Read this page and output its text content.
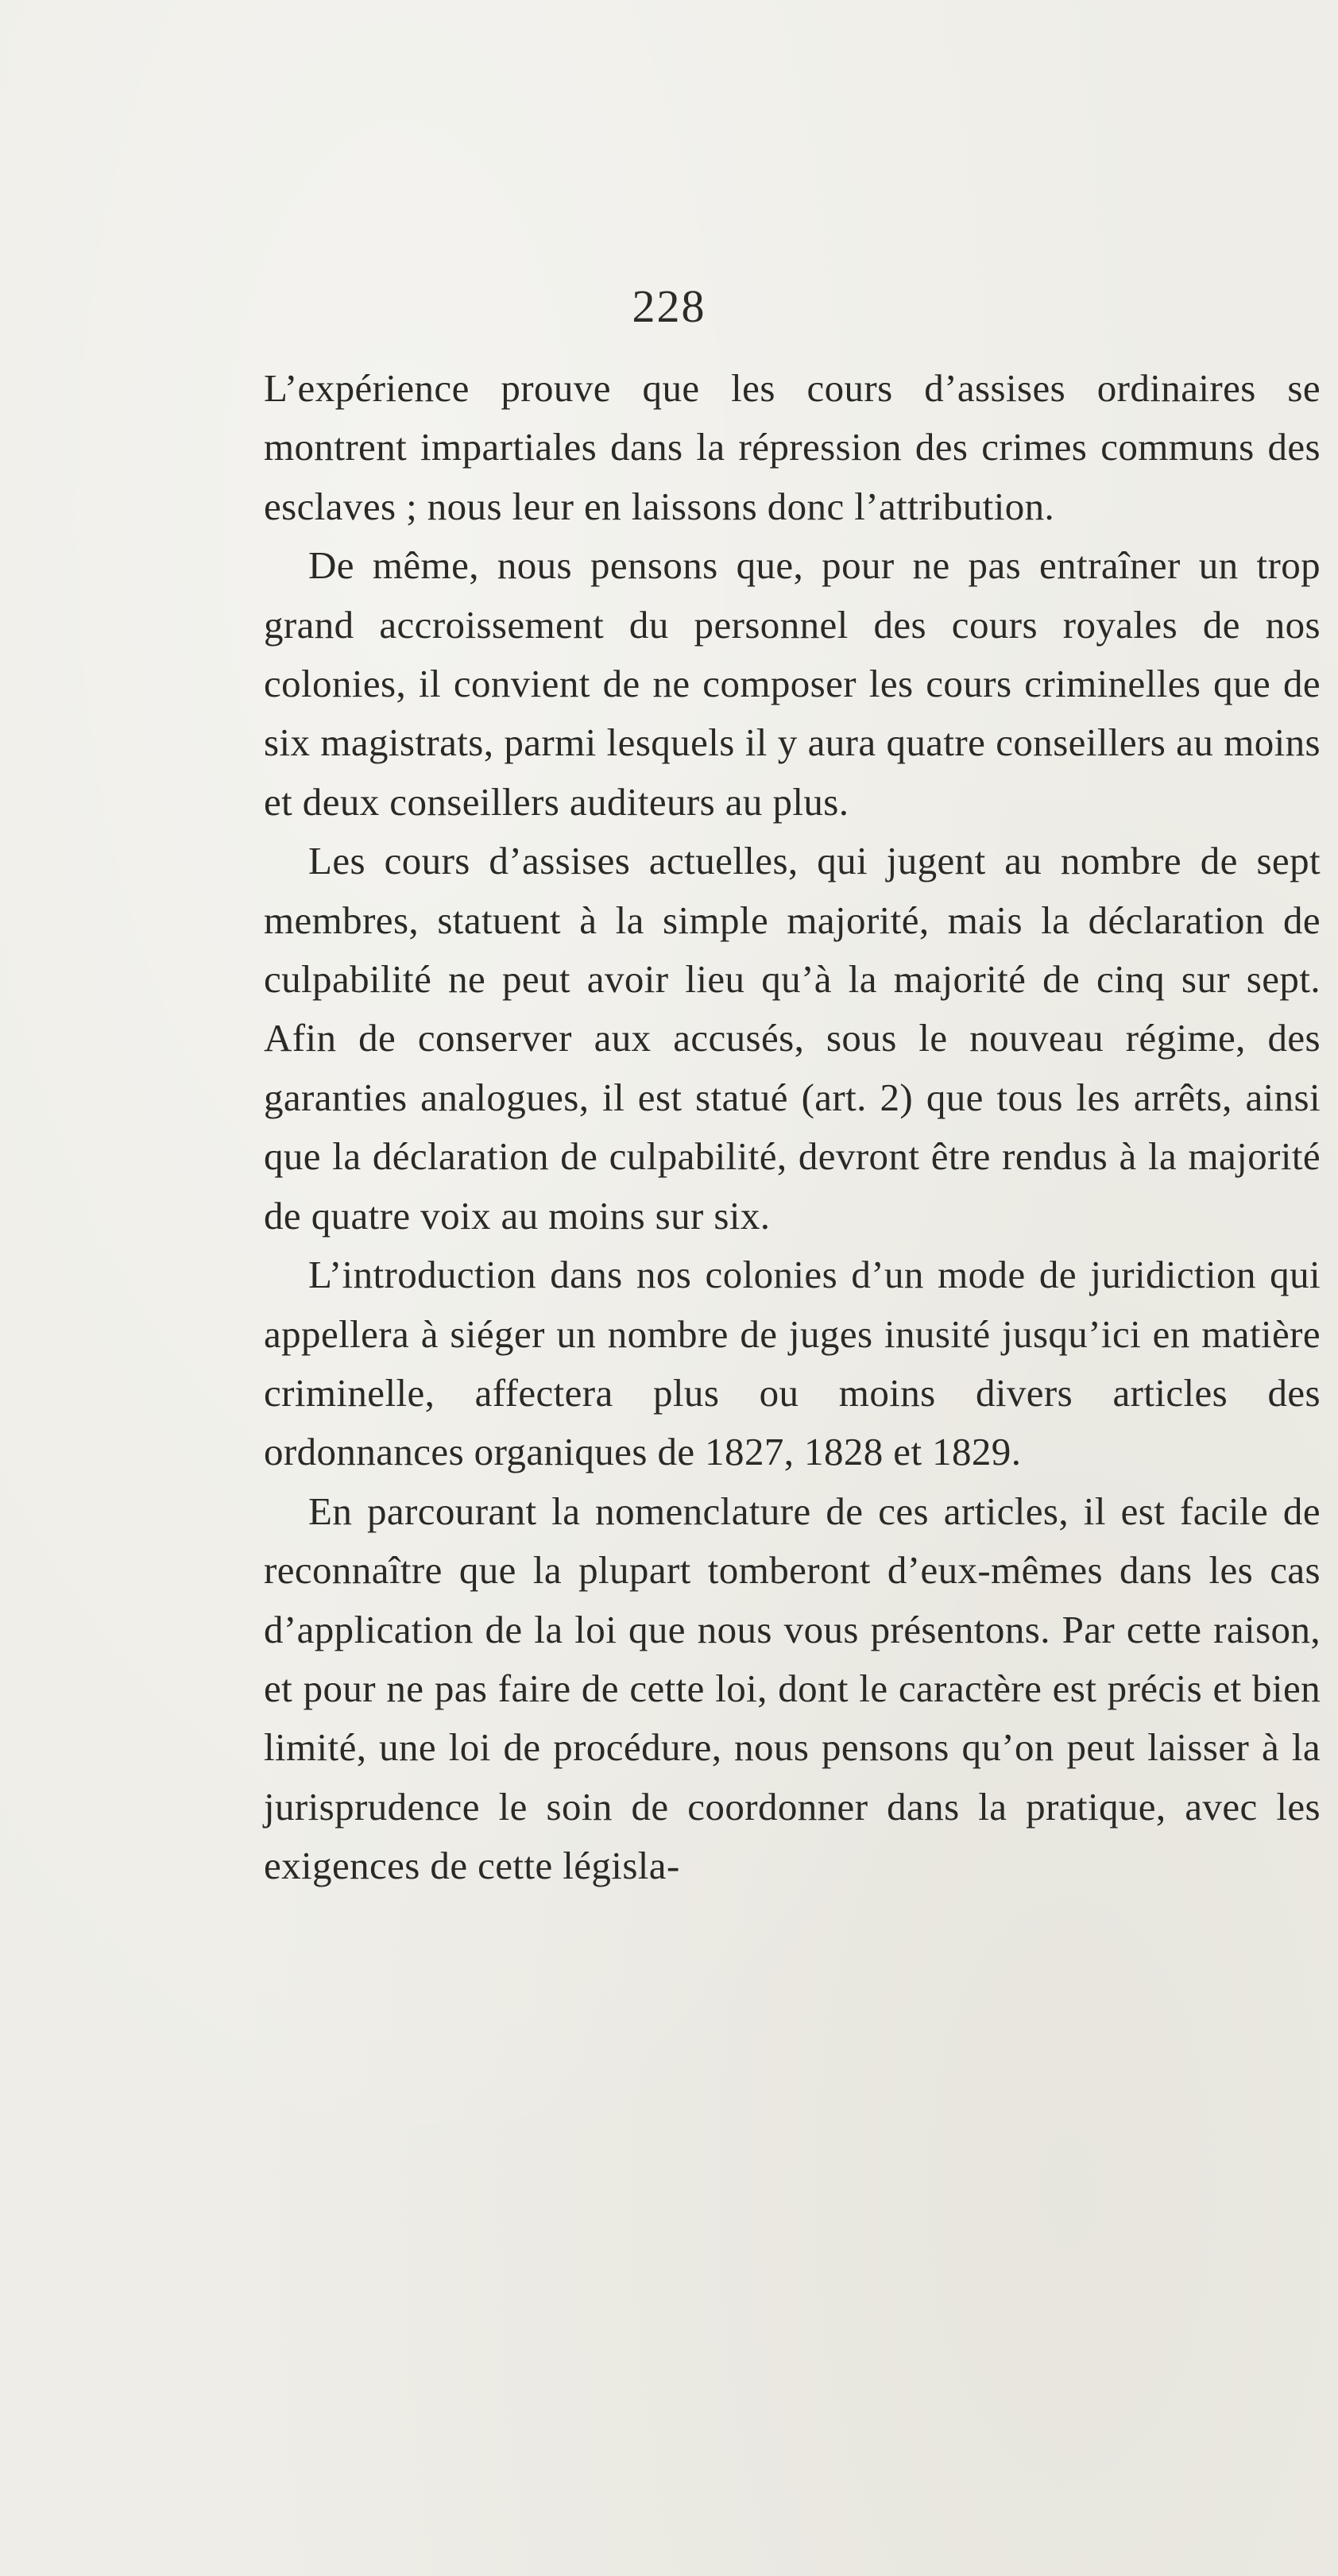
228

L’expérience prouve que les cours d’assises ordinaires se montrent impartiales dans la répression des crimes communs des esclaves ; nous leur en laissons donc l’attribution.

De même, nous pensons que, pour ne pas entraîner un trop grand accroissement du personnel des cours royales de nos colonies, il convient de ne composer les cours criminelles que de six magistrats, parmi lesquels il y aura quatre conseillers au moins et deux conseillers auditeurs au plus.

Les cours d’assises actuelles, qui jugent au nombre de sept membres, statuent à la simple majorité, mais la déclaration de culpabilité ne peut avoir lieu qu’à la majorité de cinq sur sept. Afin de conserver aux accusés, sous le nouveau régime, des garanties analogues, il est statué (art. 2) que tous les arrêts, ainsi que la déclaration de culpabilité, devront être rendus à la majorité de quatre voix au moins sur six.

L’introduction dans nos colonies d’un mode de juridiction qui appellera à siéger un nombre de juges inusité jusqu’ici en matière criminelle, affectera plus ou moins divers articles des ordonnances organiques de 1827, 1828 et 1829.

En parcourant la nomenclature de ces articles, il est facile de reconnaître que la plupart tomberont d’eux-mêmes dans les cas d’application de la loi que nous vous présentons. Par cette raison, et pour ne pas faire de cette loi, dont le caractère est précis et bien limité, une loi de procédure, nous pensons qu’on peut laisser à la jurisprudence le soin de coordonner dans la pratique, avec les exigences de cette législa-
